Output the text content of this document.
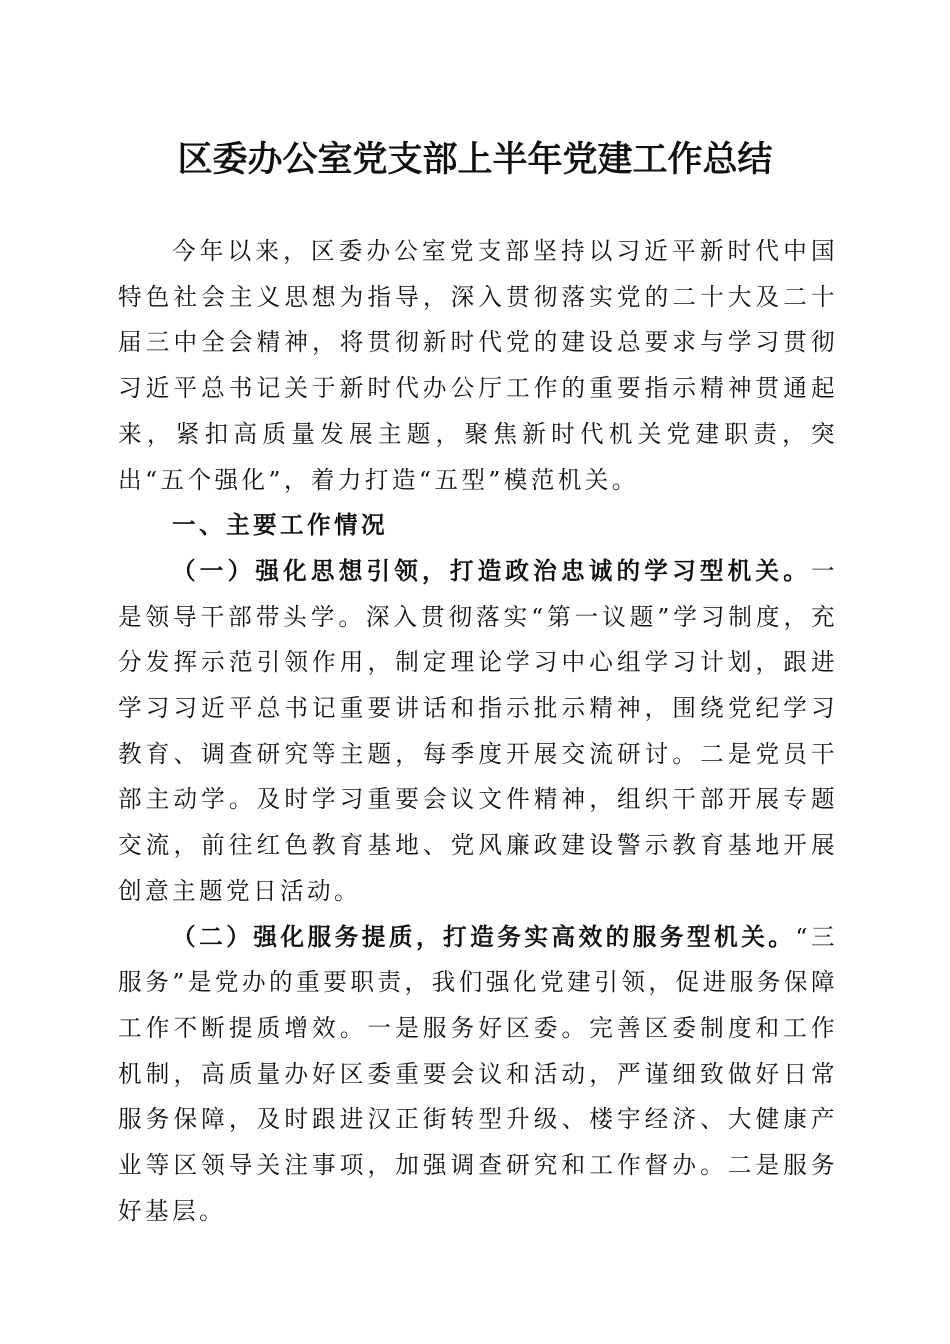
区委办公室党支部上半年党建工作总结

今年以来，区委办公室党支部坚持以习近平新时代中国特色社会主义思想为指导，深入贯彻落实党的二十大及二十届三中全会精神，将贯彻新时代党的建设总要求与学习贯彻习近平总书记关于新时代办公厅工作的重要指示精神贯通起来，紧扣高质量发展主题，聚焦新时代机关党建职责，突出“五个强化”，着力打造“五型”模范机关。

一、主要工作情况

（一）强化思想引领，打造政治忠诚的学习型机关。一是领导干部带头学。深入贯彻落实“第一议题”学习制度，充分发挥示范引领作用，制定理论学习中心组学习计划，跟进学习习近平总书记重要讲话和指示批示精神，围绕党纪学习教育、调查研究等主题，每季度开展交流研讨。二是党员干部主动学。及时学习重要会议文件精神，组织干部开展专题交流，前往红色教育基地、党风廉政建设警示教育基地开展创意主题党日活动。

（二）强化服务提质，打造务实高效的服务型机关。“三服务”是党办的重要职责，我们强化党建引领，促进服务保障工作不断提质增效。一是服务好区委。完善区委制度和工作机制，高质量办好区委重要会议和活动，严谨细致做好日常服务保障，及时跟进汉正街转型升级、楼宇经济、大健康产业等区领导关注事项，加强调查研究和工作督办。二是服务好基层。
